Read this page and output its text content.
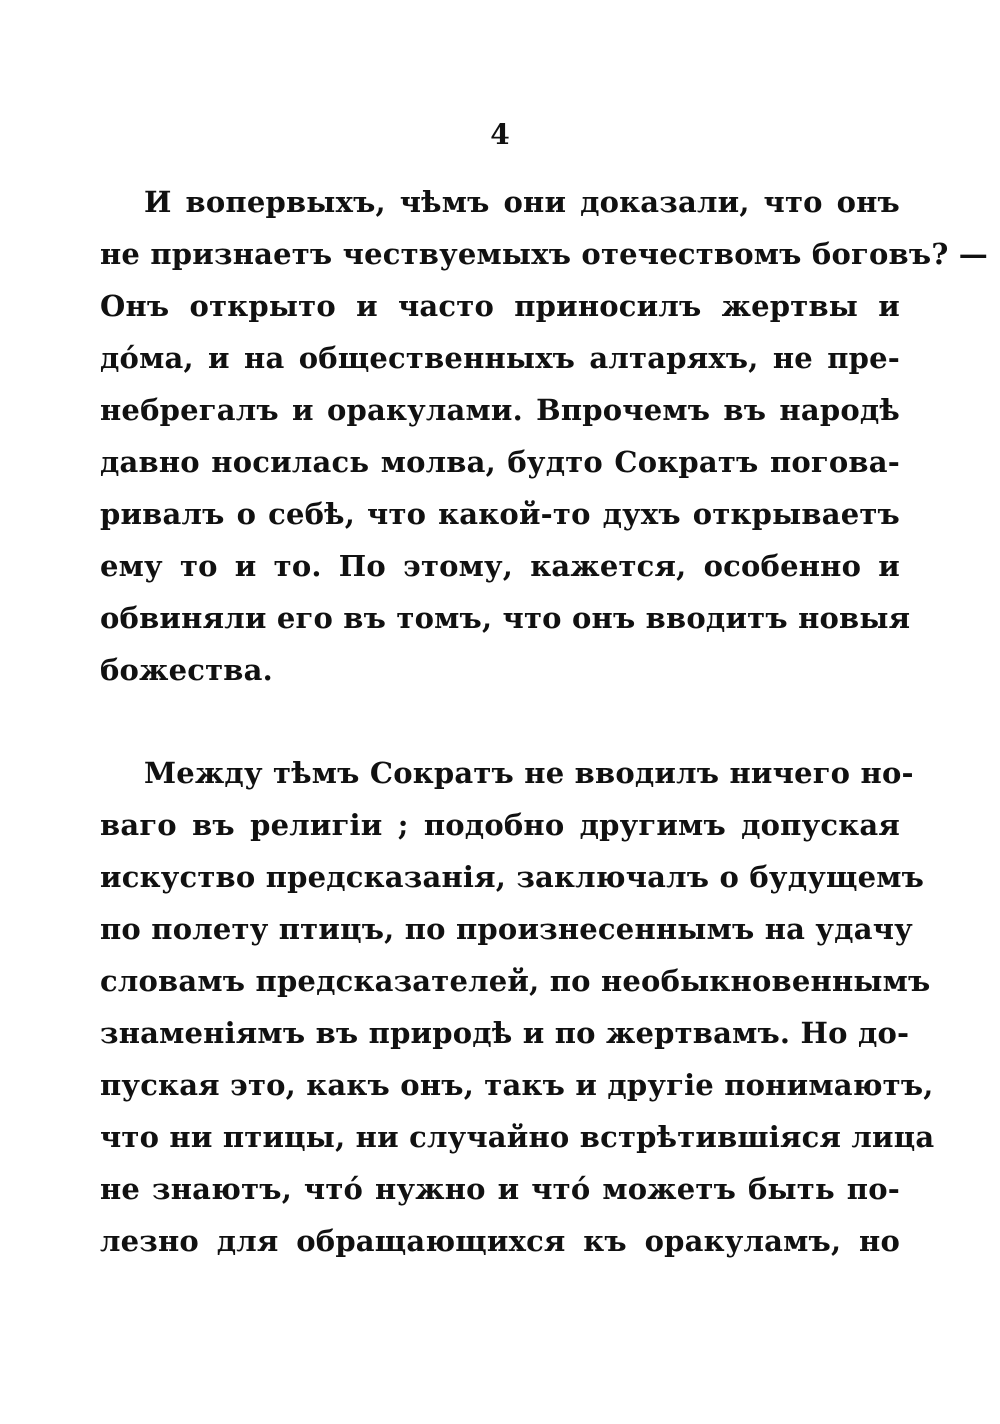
4
И вопервыхъ, чѣмъ они доказали, что онъ
не признаетъ чествуемыхъ отечествомъ боговъ? —
Онъ открыто и часто приносилъ жертвы и
дóма, и на общественныхъ алтаряхъ, не пре-
небрегалъ и оракулами. Впрочемъ въ народѣ
давно носилась молва, будто Сократъ погова-
ривалъ о себѣ, что какой-то духъ открываетъ
ему то и то. По этому, кажется, особенно и
обвиняли его въ томъ, что онъ вводитъ новыя
божества.
Между тѣмъ Сократъ не вводилъ ничего но-
ваго въ религіи ; подобно другимъ допуская
искуство предсказанія, заключалъ о будущемъ
по полету птицъ, по произнесеннымъ на удачу
словамъ предсказателей, по необыкновеннымъ
знаменіямъ въ природѣ и по жертвамъ. Но до-
пуская это, какъ онъ, такъ и другіе понимаютъ,
что ни птицы, ни случайно встрѣтившіяся лица
не знаютъ, чтó нужно и чтó можетъ быть по-
лезно для обращающихся къ оракуламъ, но
